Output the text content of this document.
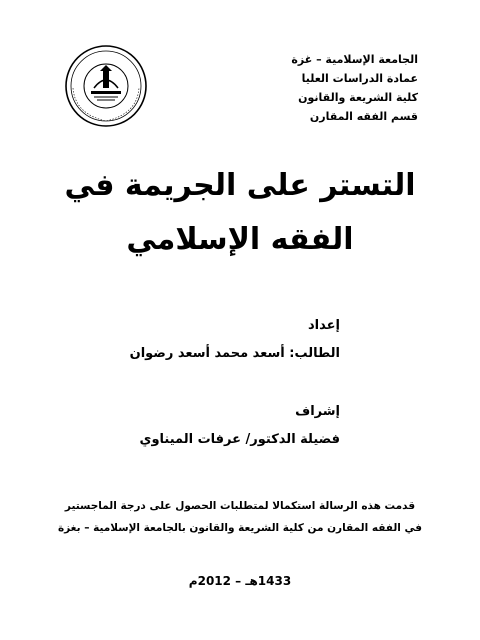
الجامعة الإسلامية – غزة
عمادة الدراسات العليا
كلية الشريعة والقانون
قسم الفقه المقارن
التستر على الجريمة في
الفقه الإسلامي
إعداد
الطالب: أسعد محمد أسعد رضوان
إشراف
فضيلة الدكتور/ عرفات الميناوي
قدمت هذه الرسالة استكمالا لمتطلبات الحصول على درجة الماجستير
في الفقه المقارن من كلية الشريعة والقانون بالجامعة الإسلامية – بغزة
1433هـ – 2012م
